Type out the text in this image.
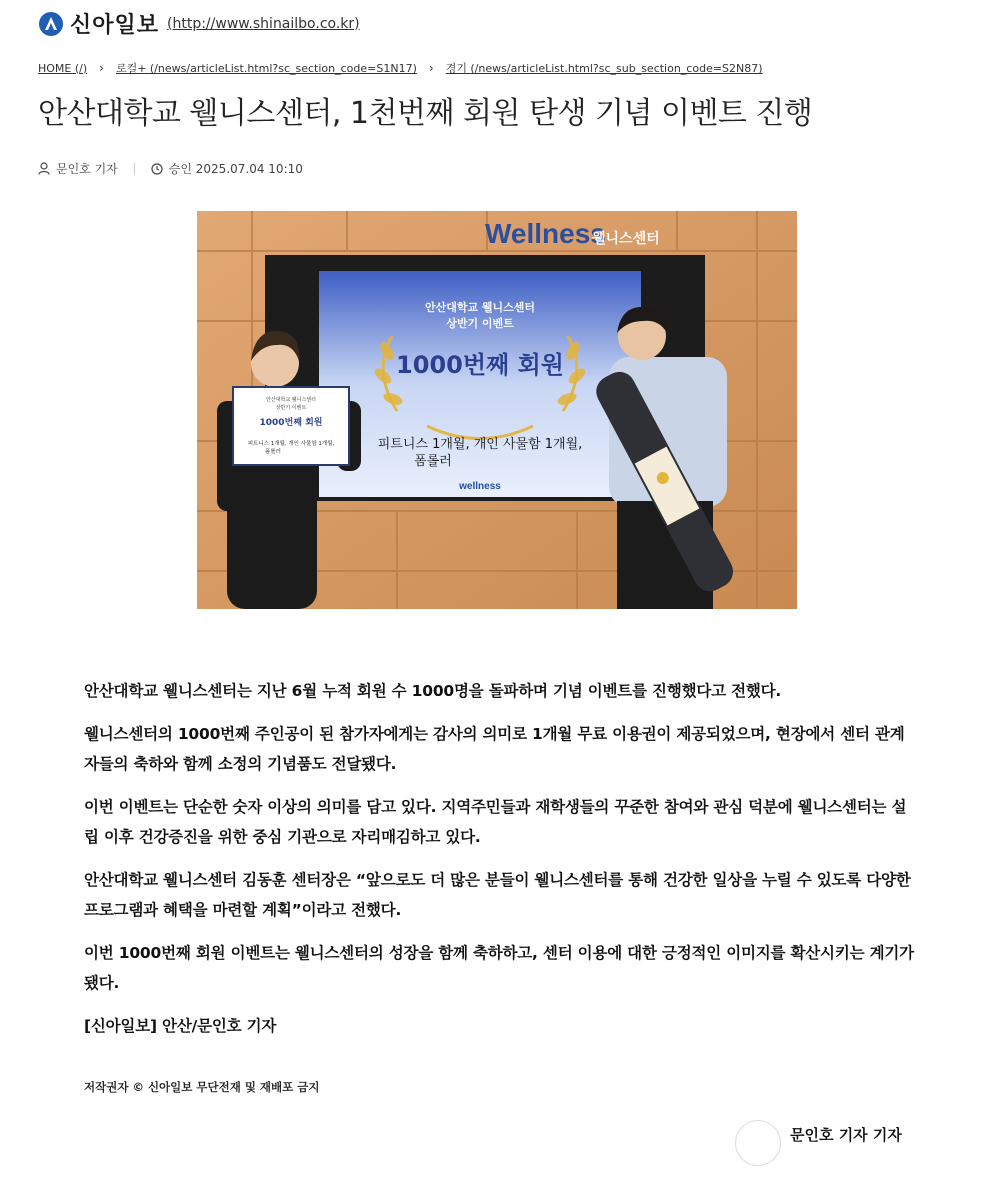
신아일보 (http://www.shinailbo.co.kr)
HOME (/) › 로컬+ (/news/articleList.html?sc_section_code=S1N17) › 경기 (/news/articleList.html?sc_sub_section_code=S2N87)
안산대학교 웰니스센터, 1천번째 회원 탄생 기념 이벤트 진행
문인호 기자	승인 2025.07.04 10:10
Wellness
웰니스센터
안산대학교 웰니스센터
상반기 이벤트
1000번째 회원
피트니스 1개월, 개인 사물함 1개월,
폼롤러
wellness
안산대학교 웰니스센터
상반기 이벤트
1000번째 회원
피트니스 1개월, 개인 사물함 1개월,
폼롤러

안산대학교 웰니스센터는 지난 6월 누적 회원 수 1000명을 돌파하며 기념 이벤트를 진행했다고 전했다.

웰니스센터의 1000번째 주인공이 된 참가자에게는 감사의 의미로 1개월 무료 이용권이 제공되었으며, 현장에서 센터 관계자들의 축하와 함께 소정의 기념품도 전달됐다.

이번 이벤트는 단순한 숫자 이상의 의미를 담고 있다. 지역주민들과 재학생들의 꾸준한 참여와 관심 덕분에 웰니스센터는 설립 이후 건강증진을 위한 중심 기관으로 자리매김하고 있다.

안산대학교 웰니스센터 김동훈 센터장은 “앞으로도 더 많은 분들이 웰니스센터를 통해 건강한 일상을 누릴 수 있도록 다양한 프로그램과 혜택을 마련할 계획”이라고 전했다.

이번 1000번째 회원 이벤트는 웰니스센터의 성장을 함께 축하하고, 센터 이용에 대한 긍정적인 이미지를 확산시키는 계기가 됐다.

[신아일보] 안산/문인호 기자

저작권자 © 신아일보 무단전재 및 재배포 금지
문인호 기자 기자
